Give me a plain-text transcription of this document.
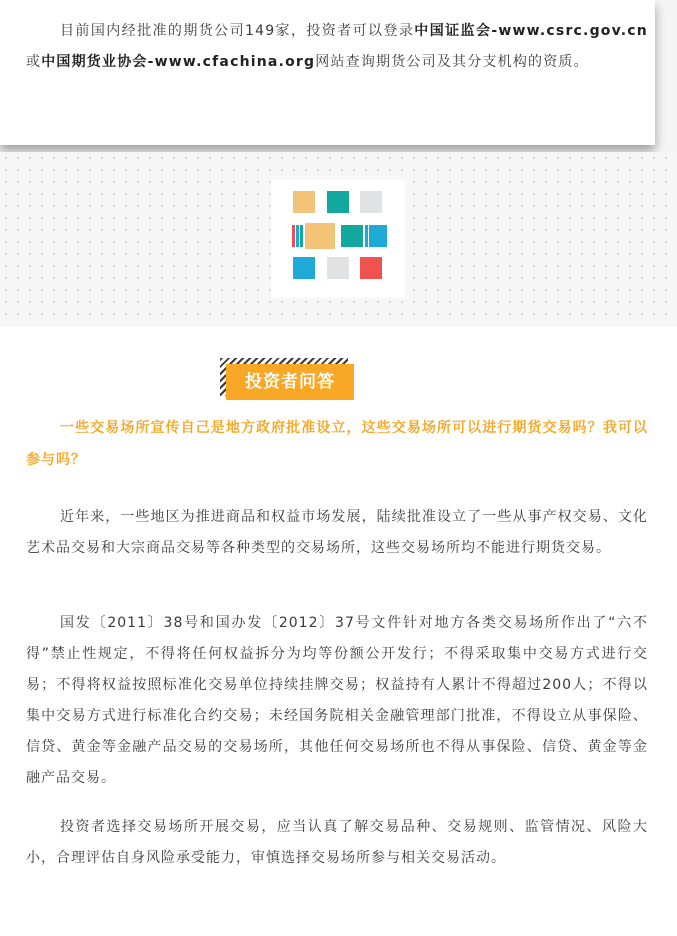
目前国内经批准的期货公司149家，投资者可以登录中国证监会-www.csrc.gov.cn或中国期货业协会-www.cfachina.org网站查询期货公司及其分支机构的资质。

投资者问答

一些交易场所宣传自己是地方政府批准设立，这些交易场所可以进行期货交易吗？我可以参与吗？

近年来，一些地区为推进商品和权益市场发展，陆续批准设立了一些从事产权交易、文化艺术品交易和大宗商品交易等各种类型的交易场所，这些交易场所均不能进行期货交易。

国发〔2011〕38号和国办发〔2012〕37号文件针对地方各类交易场所作出了“六不得”禁止性规定，不得将任何权益拆分为均等份额公开发行；不得采取集中交易方式进行交易；不得将权益按照标准化交易单位持续挂牌交易；权益持有人累计不得超过200人；不得以集中交易方式进行标准化合约交易；未经国务院相关金融管理部门批准，不得设立从事保险、信贷、黄金等金融产品交易的交易场所，其他任何交易场所也不得从事保险、信贷、黄金等金融产品交易。

投资者选择交易场所开展交易，应当认真了解交易品种、交易规则、监管情况、风险大小，合理评估自身风险承受能力，审慎选择交易场所参与相关交易活动。
